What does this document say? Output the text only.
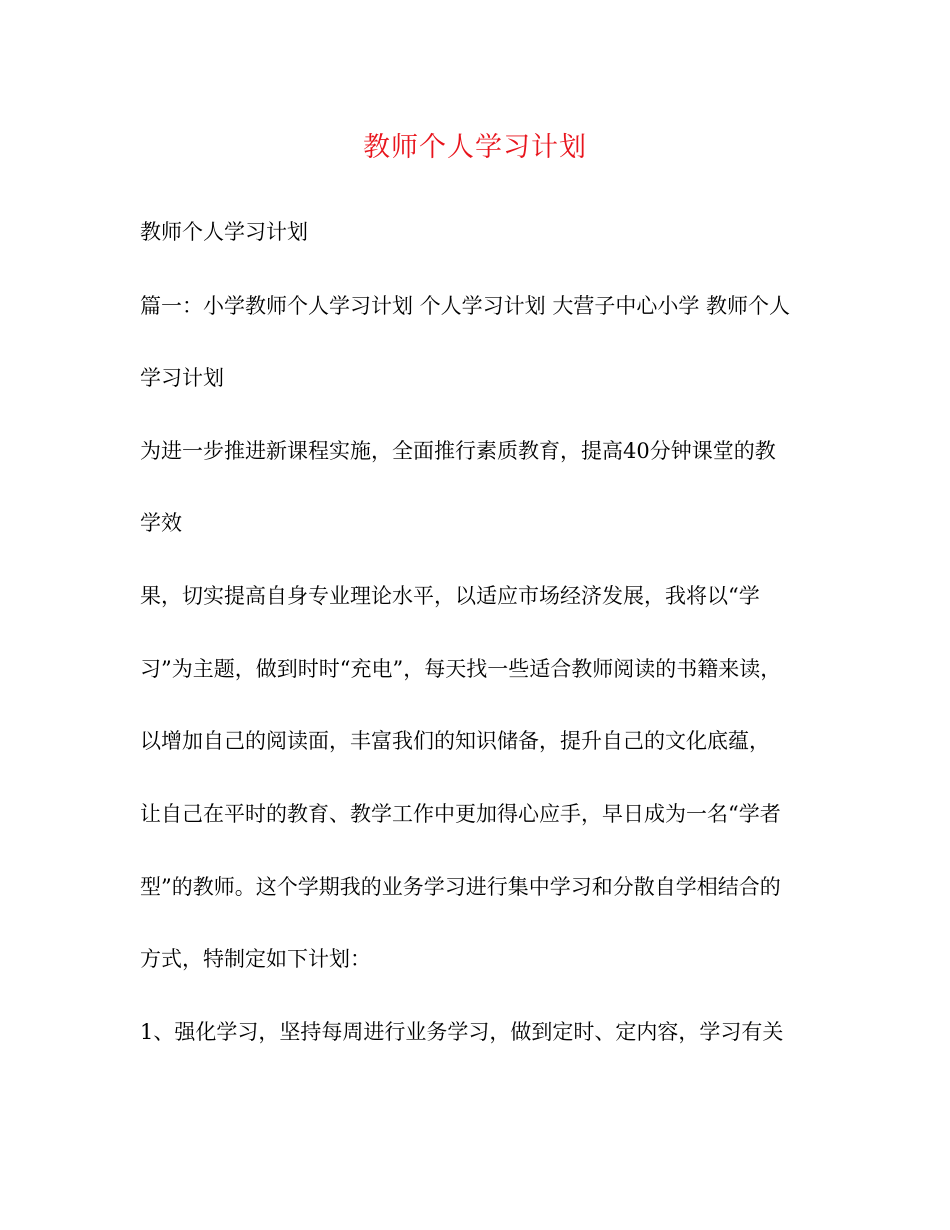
教师个人学习计划

教师个人学习计划

篇一：小学教师个人学习计划 个人学习计划 大营子中心小学 教师个人

学习计划

为进一步推进新课程实施，全面推行素质教育，提高40分钟课堂的教

学效

果，切实提高自身专业理论水平，以适应市场经济发展，我将以“学

习”为主题，做到时时“充电”，每天找一些适合教师阅读的书籍来读，

以增加自己的阅读面，丰富我们的知识储备，提升自己的文化底蕴，

让自己在平时的教育、教学工作中更加得心应手，早日成为一名“学者

型”的教师。这个学期我的业务学习进行集中学习和分散自学相结合的

方式，特制定如下计划：

1、强化学习，坚持每周进行业务学习，做到定时、定内容，学习有关
